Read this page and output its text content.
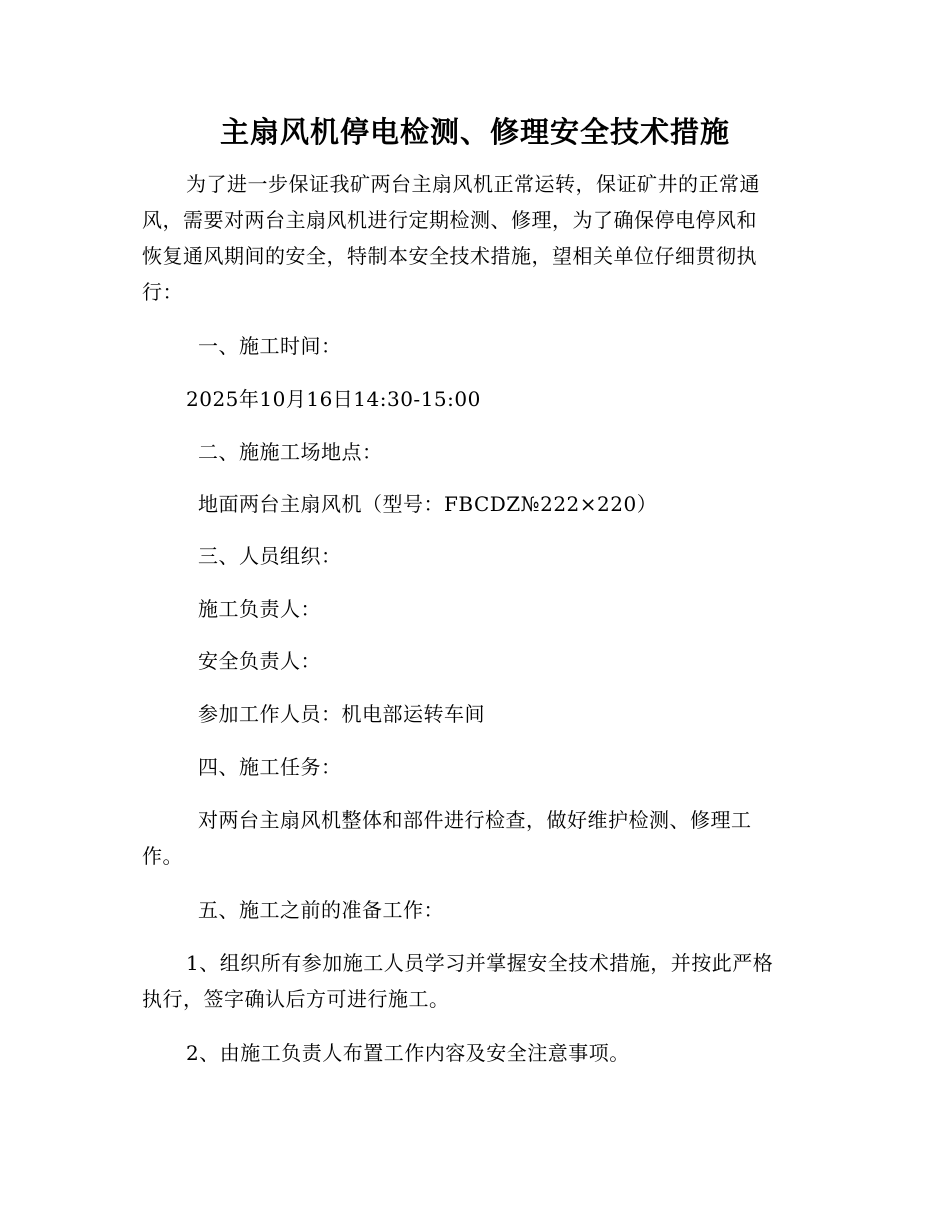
主扇风机停电检测、修理安全技术措施
为了进一步保证我矿两台主扇风机正常运转，保证矿井的正常通
风，需要对两台主扇风机进行定期检测、修理，为了确保停电停风和
恢复通风期间的安全，特制本安全技术措施，望相关单位仔细贯彻执
行：
一、施工时间：
2025年10月16日14:30-15:00
二、施施工场地点：
地面两台主扇风机（型号：FBCDZ№222×220）
三、人员组织：
施工负责人：
安全负责人：
参加工作人员：机电部运转车间
四、施工任务：
对两台主扇风机整体和部件进行检查，做好维护检测、修理工
作。
五、施工之前的准备工作：
1、组织所有参加施工人员学习并掌握安全技术措施，并按此严格
执行，签字确认后方可进行施工。
2、由施工负责人布置工作内容及安全注意事项。
